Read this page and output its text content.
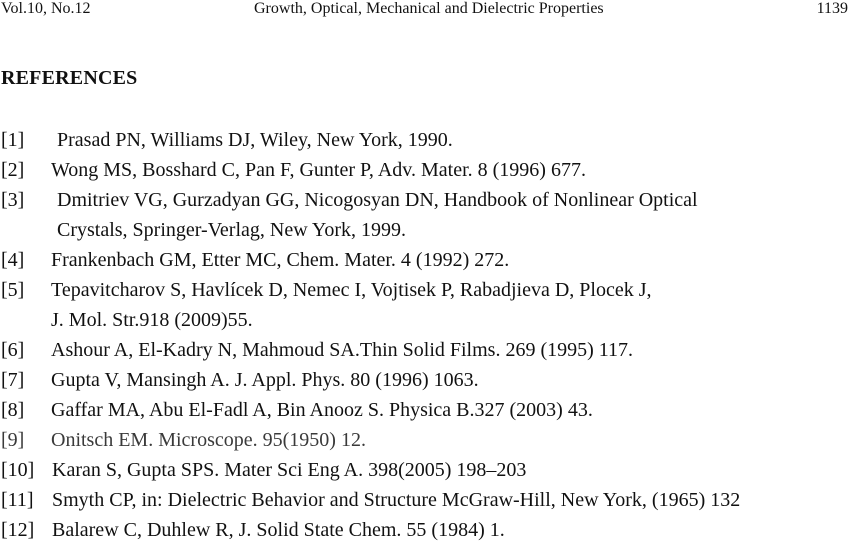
Vol.10, No.12	Growth, Optical, Mechanical and Dielectric Properties	1139
REFERENCES
[1] Prasad PN, Williams DJ, Wiley, New York, 1990.
[2] Wong MS, Bosshard C, Pan F, Gunter P, Adv. Mater. 8 (1996) 677.
[3] Dmitriev VG, Gurzadyan GG, Nicogosyan DN, Handbook of Nonlinear Optical
Crystals, Springer-Verlag, New York, 1999.
[4] Frankenbach GM, Etter MC, Chem. Mater. 4 (1992) 272.
[5] Tepavitcharov S, Havlícek D, Nemec I, Vojtisek P, Rabadjieva D, Plocek J,
J. Mol. Str.918 (2009)55.
[6] Ashour A, El-Kadry N, Mahmoud SA.Thin Solid Films. 269 (1995) 117.
[7] Gupta V, Mansingh A. J. Appl. Phys. 80 (1996) 1063.
[8] Gaffar MA, Abu El-Fadl A, Bin Anooz S. Physica B.327 (2003) 43.
[9] Onitsch EM. Microscope. 95(1950) 12.
[10] Karan S, Gupta SPS. Mater Sci Eng A. 398(2005) 198–203
[11] Smyth CP, in: Dielectric Behavior and Structure McGraw-Hill, New York, (1965) 132
[12] Balarew C, Duhlew R, J. Solid State Chem. 55 (1984) 1.
